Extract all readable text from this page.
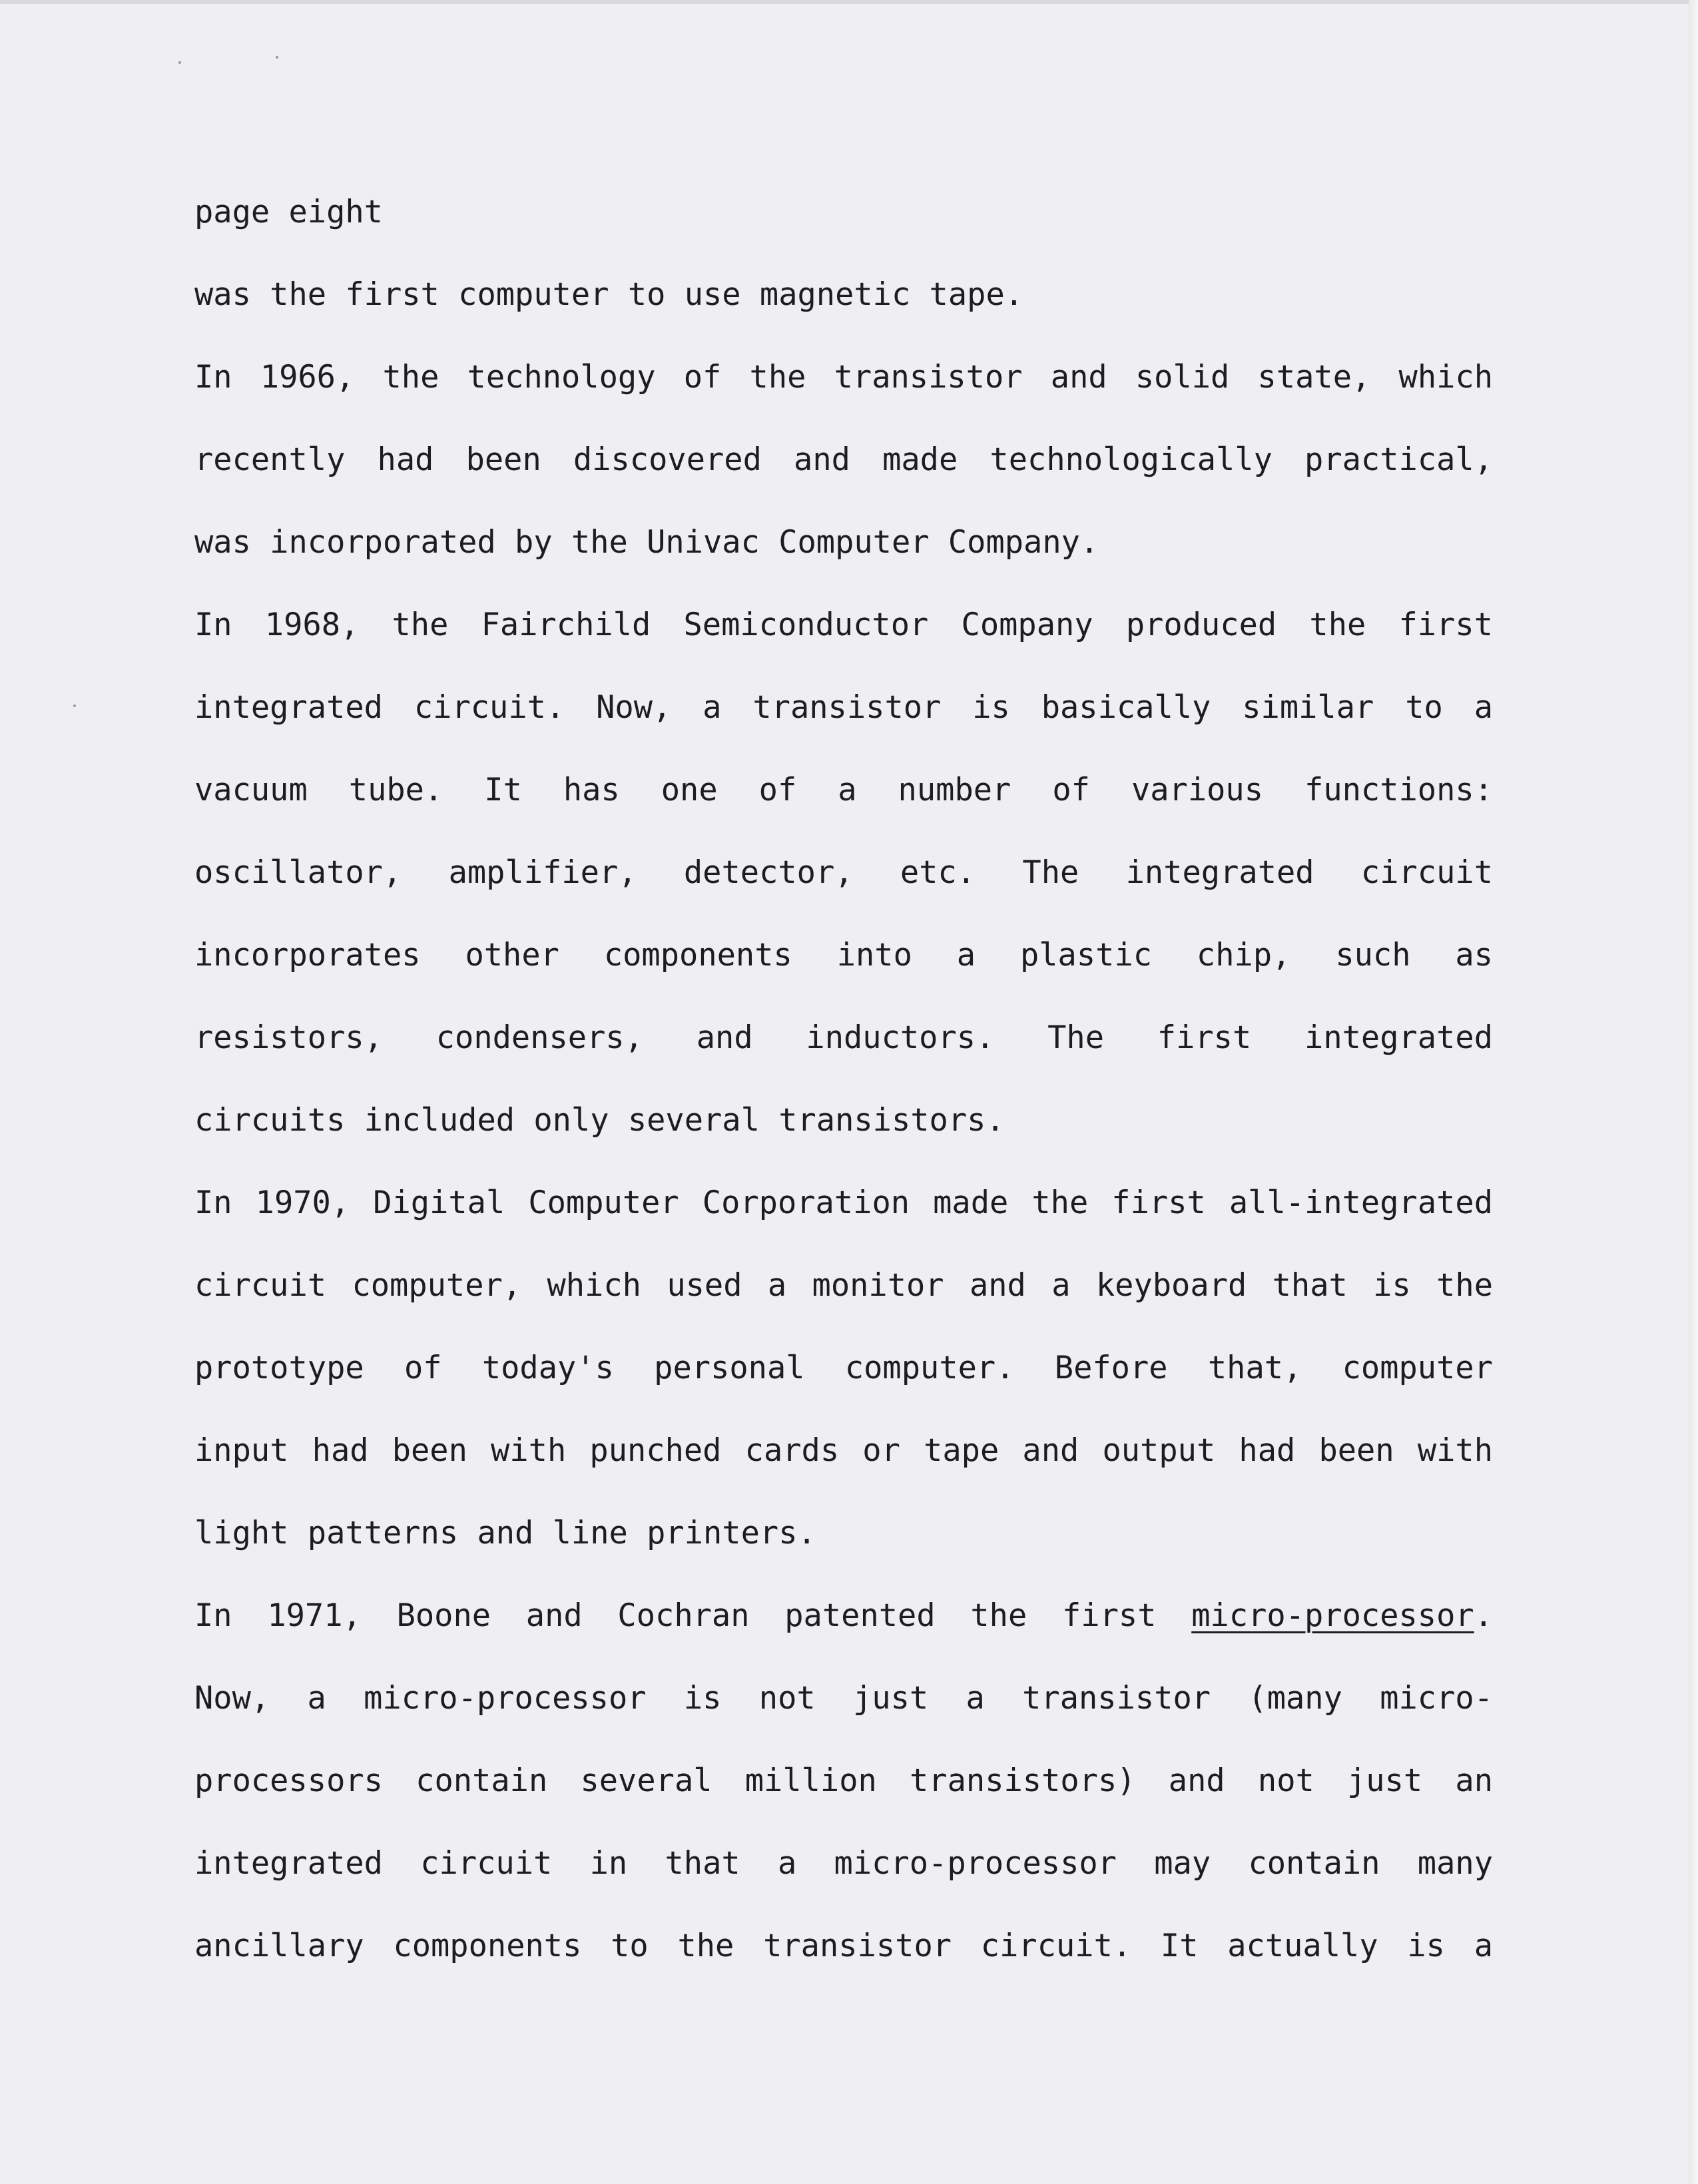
page eight
was the first computer to use magnetic tape.
In 1966, the technology of the transistor and solid state, which
recently had been discovered and made technologically practical,
was incorporated by the Univac Computer Company.
In 1968, the Fairchild Semiconductor Company produced the first
integrated circuit. Now, a transistor is basically similar to a
vacuum tube. It has one of a number of various functions:
oscillator, amplifier, detector, etc. The integrated circuit
incorporates other components into a plastic chip, such as
resistors, condensers, and inductors. The first integrated
circuits included only several transistors.
In 1970, Digital Computer Corporation made the first all-integrated
circuit computer, which used a monitor and a keyboard that is the
prototype of today's personal computer. Before that, computer
input had been with punched cards or tape and output had been with
light patterns and line printers.
In 1971, Boone and Cochran patented the first micro-processor.
Now, a micro-processor is not just a transistor (many micro-
processors contain several million transistors) and not just an
integrated circuit in that a micro-processor may contain many
ancillary components to the transistor circuit. It actually is a
